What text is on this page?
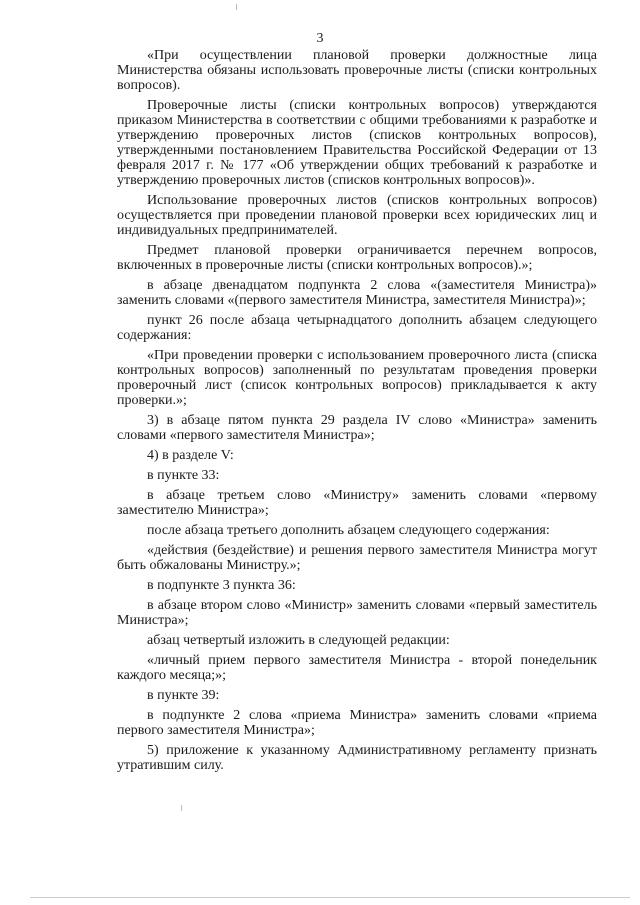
3

«При осуществлении плановой проверки должностные лица Министерства обязаны использовать проверочные листы (списки контрольных вопросов).

Проверочные листы (списки контрольных вопросов) утверждаются приказом Министерства в соответствии с общими требованиями к разработке и утверждению проверочных листов (списков контрольных вопросов), утвержденными постановлением Правительства Российской Федерации от 13 февраля 2017 г. № 177 «Об утверждении общих требований к разработке и утверждению проверочных листов (списков контрольных вопросов)».

Использование проверочных листов (списков контрольных вопросов) осуществляется при проведении плановой проверки всех юридических лиц и индивидуальных предпринимателей.

Предмет плановой проверки ограничивается перечнем вопросов, включенных в проверочные листы (списки контрольных вопросов).»;

в абзаце двенадцатом подпункта 2 слова «(заместителя Министра)» заменить словами «(первого заместителя Министра, заместителя Министра)»;

пункт 26 после абзаца четырнадцатого дополнить абзацем следующего содержания:

«При проведении проверки с использованием проверочного листа (списка контрольных вопросов) заполненный по результатам проведения проверки проверочный лист (список контрольных вопросов) прикладывается к акту проверки.»;

3) в абзаце пятом пункта 29 раздела IV слово «Министра» заменить словами «первого заместителя Министра»;

4) в разделе V:

в пункте 33:

в абзаце третьем слово «Министру» заменить словами «первому заместителю Министра»;

после абзаца третьего дополнить абзацем следующего содержания:

«действия (бездействие) и решения первого заместителя Министра могут быть обжалованы Министру.»;

в подпункте 3 пункта 36:

в абзаце втором слово «Министр» заменить словами «первый заместитель Министра»;

абзац четвертый изложить в следующей редакции:

«личный прием первого заместителя Министра - второй понедельник каждого месяца;»;

в пункте 39:

в подпункте 2 слова «приема Министра» заменить словами «приема первого заместителя Министра»;

5) приложение к указанному Административному регламенту признать утратившим силу.
